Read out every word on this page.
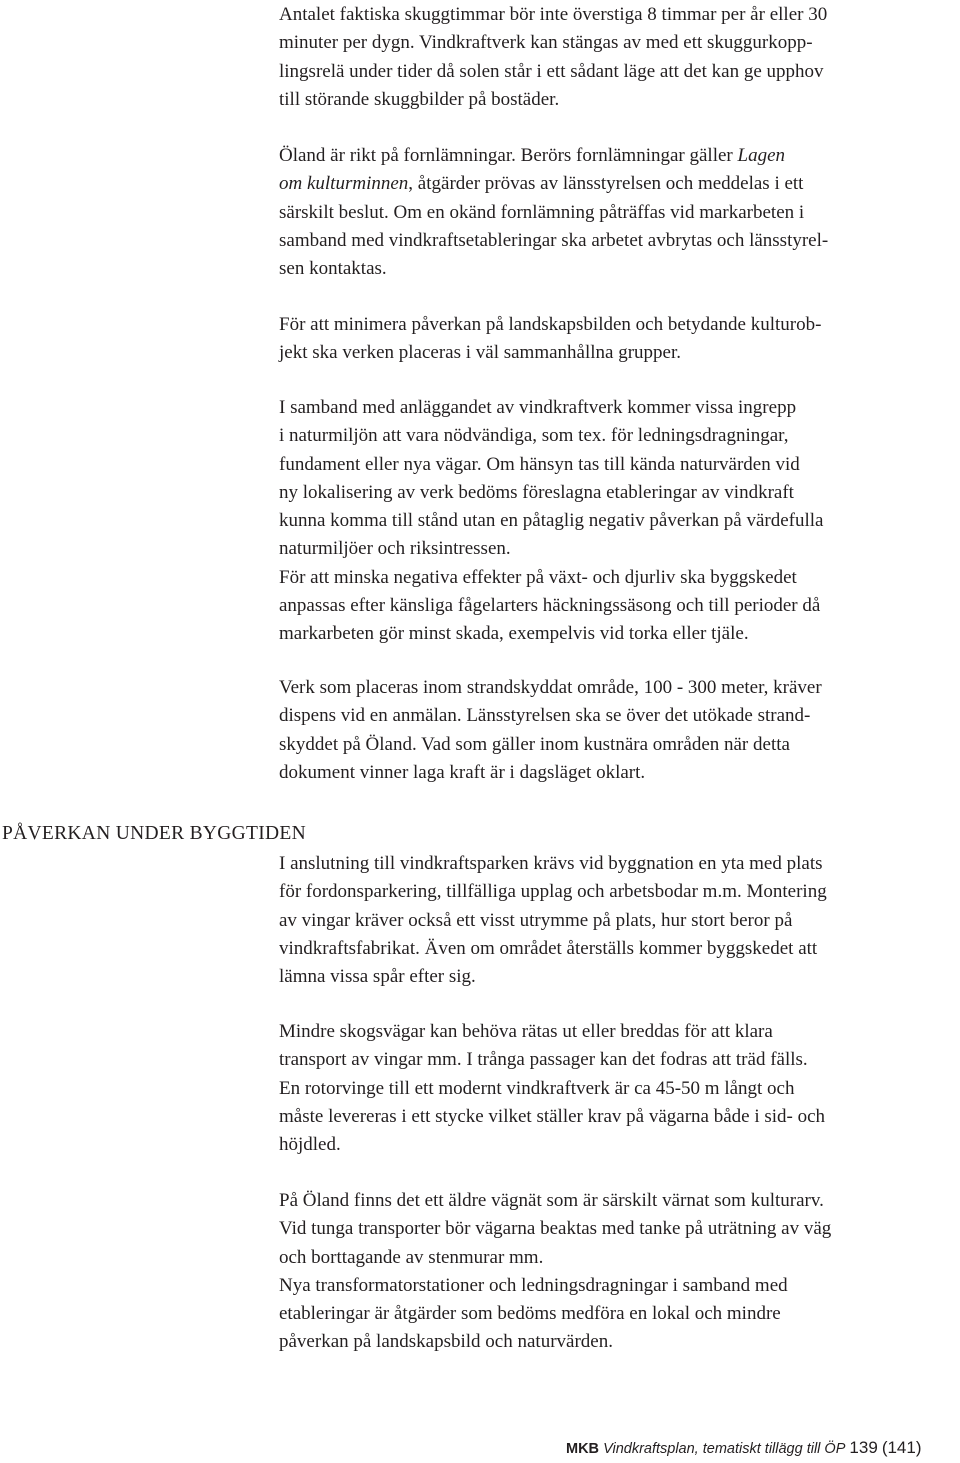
Antalet faktiska skuggtimmar bör inte överstiga 8 timmar per år eller 30
minuter per dygn. Vindkraftverk kan stängas av med ett skuggurkopp-
lingsrelä under tider då solen står i ett sådant läge att det kan ge upphov
till störande skuggbilder på bostäder.

Öland är rikt på fornlämningar. Berörs fornlämningar gäller Lagen
om kulturminnen, åtgärder prövas av länsstyrelsen och meddelas i ett
särskilt beslut. Om en okänd fornlämning påträffas vid markarbeten i
samband med vindkraftsetableringar ska arbetet avbrytas och länsstyrel-
sen kontaktas.

För att minimera påverkan på landskapsbilden och betydande kulturob-
jekt ska verken placeras i väl sammanhållna grupper.

I samband med anläggandet av vindkraftverk kommer vissa ingrepp
i naturmiljön att vara nödvändiga, som tex. för ledningsdragningar,
fundament eller nya vägar. Om hänsyn tas till kända naturvärden vid
ny lokalisering av verk bedöms föreslagna etableringar av vindkraft
kunna komma till stånd utan en påtaglig negativ påverkan på värdefulla
naturmiljöer och riksintressen.
För att minska negativa effekter på växt- och djurliv ska byggskedet
anpassas efter känsliga fågelarters häckningssäsong och till perioder då
markarbeten gör minst skada, exempelvis vid torka eller tjäle.

Verk som placeras inom strandskyddat område, 100 - 300 meter, kräver
dispens vid en anmälan. Länsstyrelsen ska se över det utökade strand-
skyddet på Öland. Vad som gäller inom kustnära områden när detta
dokument vinner laga kraft är i dagsläget oklart.

PÅVERKAN UNDER BYGGTIDEN

I anslutning till vindkraftsparken krävs vid byggnation en yta med plats
för fordonsparkering, tillfälliga upplag och arbetsbodar m.m. Montering
av vingar kräver också ett visst utrymme på plats, hur stort beror på
vindkraftsfabrikat. Även om området återställs kommer byggskedet att
lämna vissa spår efter sig.

Mindre skogsvägar kan behöva rätas ut eller breddas för att klara
transport av vingar mm. I trånga passager kan det fodras att träd fälls.
En rotorvinge till ett modernt vindkraftverk är ca 45-50 m långt och
måste levereras i ett stycke vilket ställer krav på vägarna både i sid- och
höjdled.

På Öland finns det ett äldre vägnät som är särskilt värnat som kulturarv.
Vid tunga transporter bör vägarna beaktas med tanke på uträtning av väg
och borttagande av stenmurar mm.
Nya transformatorstationer och ledningsdragningar i samband med
etableringar är åtgärder som bedöms medföra en lokal och mindre
påverkan på landskapsbild och naturvärden.

MKB Vindkraftsplan, tematiskt tillägg till ÖP 139 (141)
